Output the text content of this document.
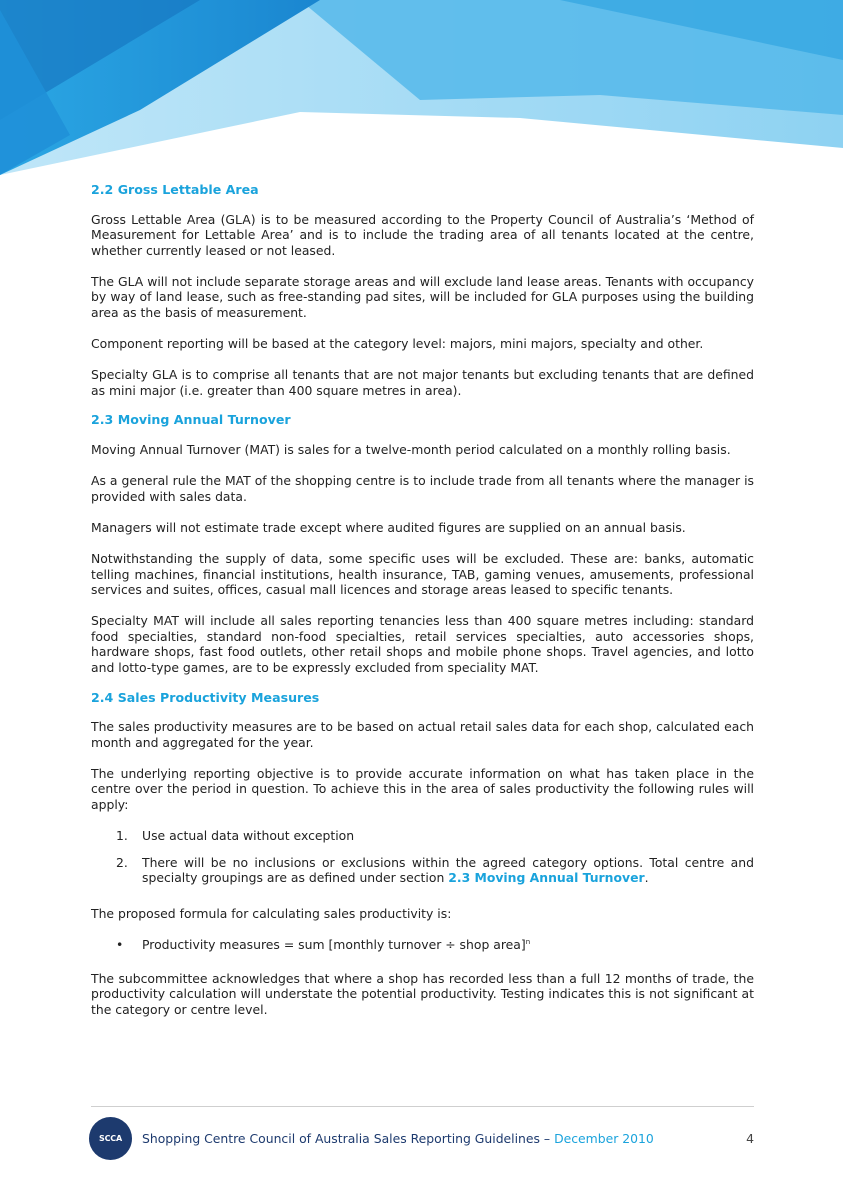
2.2 Gross Lettable Area

Gross Lettable Area (GLA) is to be measured according to the Property Council of Australia’s ‘Method of Measurement for Lettable Area’ and is to include the trading area of all tenants located at the centre, whether currently leased or not leased.

The GLA will not include separate storage areas and will exclude land lease areas. Tenants with occupancy by way of land lease, such as free-standing pad sites, will be included for GLA purposes using the building area as the basis of measurement.

Component reporting will be based at the category level: majors, mini majors, specialty and other.

Specialty GLA is to comprise all tenants that are not major tenants but excluding tenants that are defined as mini major (i.e. greater than 400 square metres in area).

2.3 Moving Annual Turnover

Moving Annual Turnover (MAT) is sales for a twelve-month period calculated on a monthly rolling basis.

As a general rule the MAT of the shopping centre is to include trade from all tenants where the manager is provided with sales data.

Managers will not estimate trade except where audited figures are supplied on an annual basis.

Notwithstanding the supply of data, some specific uses will be excluded. These are: banks, automatic telling machines, financial institutions, health insurance, TAB, gaming venues, amusements, professional services and suites, offices, casual mall licences and storage areas leased to specific tenants.

Specialty MAT will include all sales reporting tenancies less than 400 square metres including: standard food specialties, standard non-food specialties, retail services specialties, auto accessories shops, hardware shops, fast food outlets, other retail shops and mobile phone shops. Travel agencies, and lotto and lotto-type games, are to be expressly excluded from speciality MAT.

2.4 Sales Productivity Measures

The sales productivity measures are to be based on actual retail sales data for each shop, calculated each month and aggregated for the year.

The underlying reporting objective is to provide accurate information on what has taken place in the centre over the period in question. To achieve this in the area of sales productivity the following rules will apply:

1. Use actual data without exception
2. There will be no inclusions or exclusions within the agreed category options. Total centre and specialty groupings are as defined under section 2.3 Moving Annual Turnover.

The proposed formula for calculating sales productivity is:

• Productivity measures = sum [monthly turnover ÷ shop area]$^n$

The subcommittee acknowledges that where a shop has recorded less than a full 12 months of trade, the productivity calculation will understate the potential productivity. Testing indicates this is not significant at the category or centre level.

SCCA Shopping Centre Council of Australia Sales Reporting Guidelines – December 2010	4
